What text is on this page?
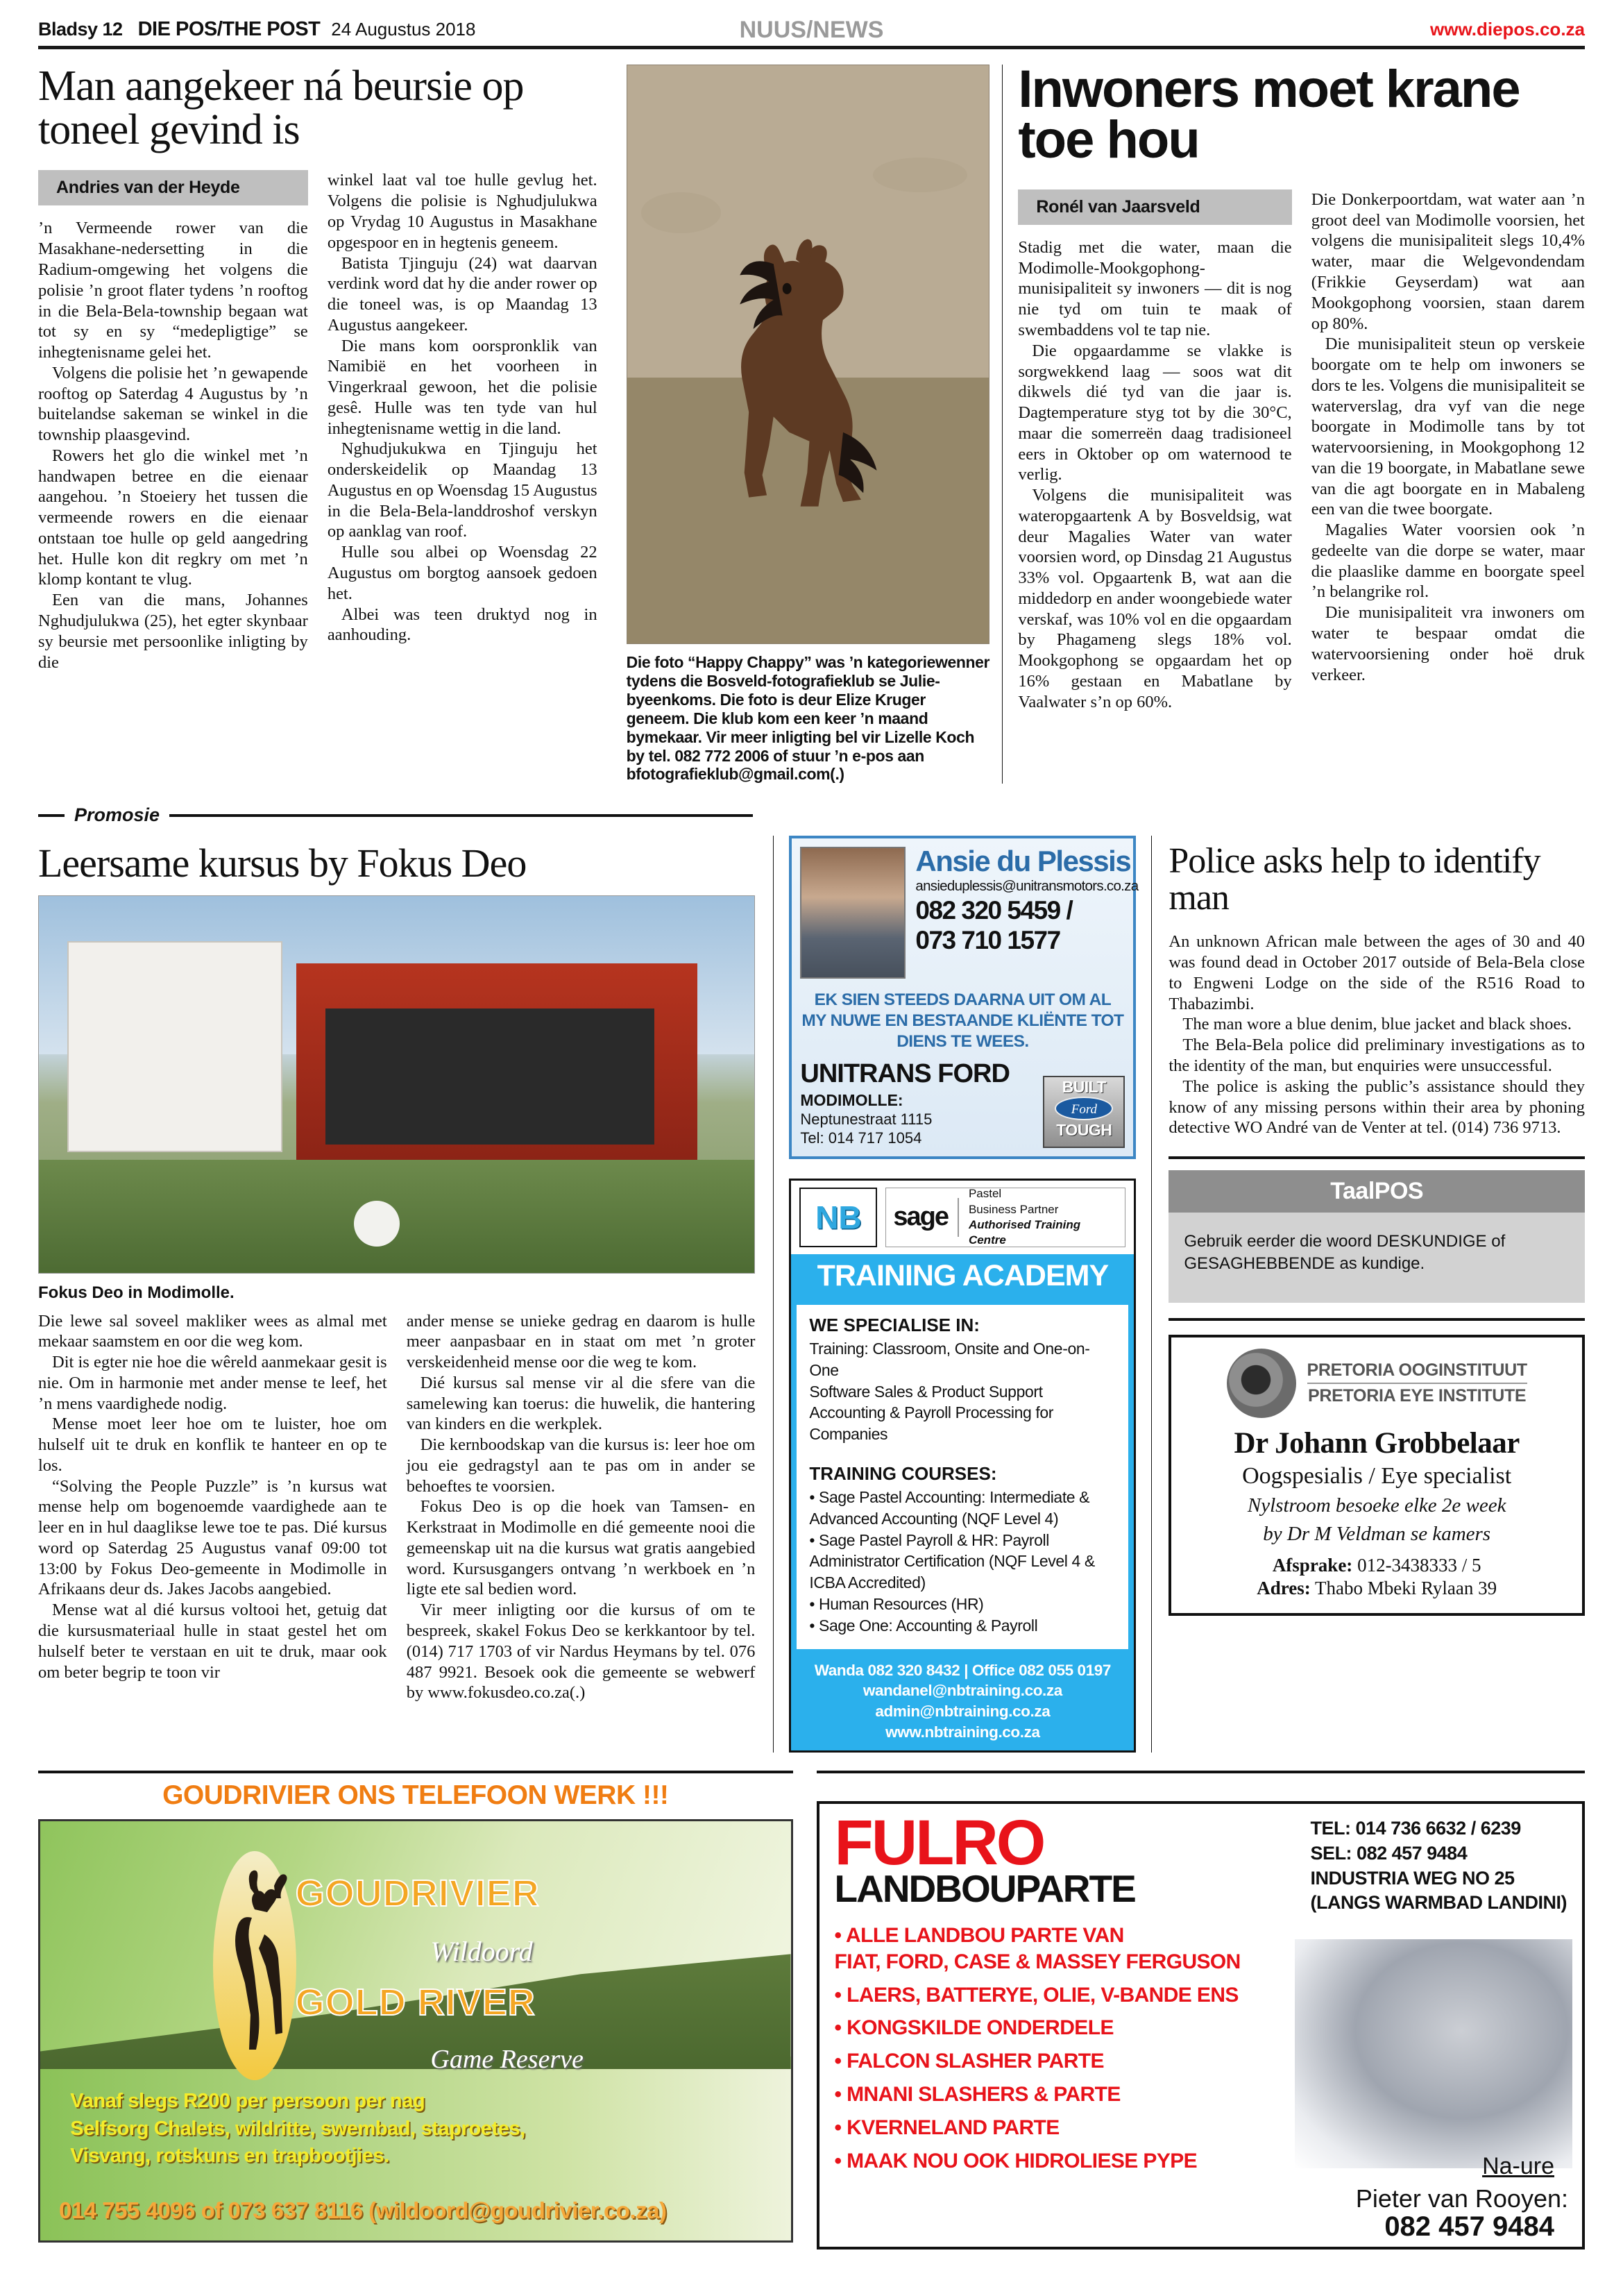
Bladsy 12 DIE POS/THE POST 24 Augustus 2018	NUUS/NEWS	www.diepos.co.za
Man aangekeer ná beursie op toneel gevind is
Andries van der Heyde

’n Vermeende rower van die Masakhane-nedersetting in die Radium-omgewing het volgens die polisie ’n groot flater tydens ’n rooftog in die Bela-Bela-township begaan wat tot sy en sy “medepligtige” se inhegtenisname gelei het.

Volgens die polisie het ’n gewapende rooftog op Saterdag 4 Augustus by ’n buitelandse sakeman se winkel in die township plaasgevind.

Rowers het glo die winkel met ’n handwapen betree en die eienaar aangehou. ’n Stoeiery het tussen die vermeende rowers en die eienaar ontstaan toe hulle op geld aangedring het. Hulle kon dit regkry om met ’n klomp kontant te vlug.

Een van die mans, Johannes Nghudjulukwa (25), het egter skynbaar sy beursie met persoonlike inligting by die

winkel laat val toe hulle gevlug het. Volgens die polisie is Nghudjulukwa op Vrydag 10 Augustus in Masakhane opgespoor en in hegtenis geneem.

Batista Tjinguju (24) wat daarvan verdink word dat hy die ander rower op die toneel was, is op Maandag 13 Augustus aangekeer.

Die mans kom oorspronklik van Namibië en het voorheen in Vingerkraal gewoon, het die polisie gesê. Hulle was ten tyde van hul inhegtenisname wettig in die land.

Nghudjukukwa en Tjinguju het onderskeidelik op Maandag 13 Augustus en op Woensdag 15 Augustus in die Bela-Bela-landdroshof verskyn op aanklag van roof.

Hulle sou albei op Woensdag 22 Augustus om borgtog aansoek gedoen het.

Albei was teen druktyd nog in aanhouding.

Die foto “Happy Chappy” was ’n kategoriewenner tydens die Bosveld-fotografieklub se Julie-byeenkoms. Die foto is deur Elize Kruger geneem. Die klub kom een keer ’n maand bymekaar. Vir meer inligting bel vir Lizelle Koch by tel. 082 772 2006 of stuur ’n e-pos aan bfotografieklub@gmail.com(.)
Inwoners moet krane toe hou
Ronél van Jaarsveld

Stadig met die water, maan die Modimolle-Mookgophong-munisipaliteit sy inwoners — dit is nog nie tyd om tuin te maak of swembaddens vol te tap nie.

Die opgaardamme se vlakke is sorgwekkend laag — soos wat dit dikwels dié tyd van die jaar is. Dagtemperature styg tot by die 30°C, maar die somerreën daag tradisioneel eers in Oktober op om waternood te verlig.

Volgens die munisipaliteit was wateropgaartenk A by Bosveldsig, wat deur Magalies Water van water voorsien word, op Dinsdag 21 Augustus 33% vol. Opgaartenk B, wat aan die middedorp en ander woongebiede water verskaf, was 10% vol en die opgaardam by Phagameng slegs 18% vol. Mookgophong se opgaardam het op 16% gestaan en Mabatlane by Vaalwater s’n op 60%.

Die Donkerpoortdam, wat water aan ’n groot deel van Modimolle voorsien, het volgens die munisipaliteit slegs 10,4% water, maar die Welgevondendam (Frikkie Geyserdam) wat aan Mookgophong voorsien, staan darem op 80%.

Die munisipaliteit steun op verskeie boorgate om te help om inwoners se dors te les. Volgens die munisipaliteit se waterverslag, dra vyf van die nege boorgate in Modimolle tans by tot watervoorsiening, in Mookgophong 12 van die 19 boorgate, in Mabatlane sewe van die agt boorgate en in Mabaleng een van die twee boorgate.

Magalies Water voorsien ook ’n gedeelte van die dorpe se water, maar die plaaslike damme en boorgate speel ’n belangrike rol.

Die munisipaliteit vra inwoners om water te bespaar omdat die watervoorsiening onder hoë druk verkeer.

Promosie
Leersame kursus by Fokus Deo
Fokus Deo in Modimolle.

Die lewe sal soveel makliker wees as almal met mekaar saamstem en oor die weg kom.

Dit is egter nie hoe die wêreld aanmekaar gesit is nie. Om in harmonie met ander mense te leef, het ’n mens vaardighede nodig.

Mense moet leer hoe om te luister, hoe om hulself uit te druk en konflik te hanteer en op te los.

“Solving the People Puzzle” is ’n kursus wat mense help om bogenoemde vaardighede aan te leer en in hul daaglikse lewe toe te pas. Dié kursus word op Saterdag 25 Augustus vanaf 09:00 tot 13:00 by Fokus Deo-gemeente in Modimolle in Afrikaans deur ds. Jakes Jacobs aangebied.

Mense wat al dié kursus voltooi het, getuig dat die kursusmateriaal hulle in staat gestel het om hulself beter te verstaan en uit te druk, maar ook om beter begrip te toon vir

ander mense se unieke gedrag en daarom is hulle meer aanpasbaar en in staat om met ’n groter verskeidenheid mense oor die weg te kom.

Dié kursus sal mense vir al die sfere van die samelewing kan toerus: die huwelik, die hantering van kinders en die werkplek.

Die kernboodskap van die kursus is: leer hoe om jou eie gedragstyl aan te pas om in ander se behoeftes te voorsien.

Fokus Deo is op die hoek van Tamsen- en Kerkstraat in Modimolle en dié gemeente nooi die gemeenskap uit na die kursus wat gratis aangebied word. Kursusgangers ontvang ’n werkboek en ’n ligte ete sal bedien word.

Vir meer inligting oor die kursus of om te bespreek, skakel Fokus Deo se kerkkantoor by tel. (014) 717 1703 of vir Nardus Heymans by tel. 076 487 9921. Besoek ook die gemeente se webwerf by www.fokusdeo.co.za(.)

Ansie du Plessis
ansieduplessis@unitransmotors.co.za
082 320 5459 /
073 710 1577
EK SIEN STEEDS DAARNA UIT OM AL MY NUWE EN BESTAANDE KLIËNTE TOT DIENS TE WEES.
UNITRANS FORD
MODIMOLLE:
Neptunestraat 1115
Tel: 014 717 1054
BUILT
Ford
TOUGH
NB	sage
Pastel
Business Partner
Authorised Training Centre
TRAINING ACADEMY
WE SPECIALISE IN:
Training: Classroom, Onsite and One-on-One
Software Sales & Product Support
Accounting & Payroll Processing for Companies
TRAINING COURSES:
• Sage Pastel Accounting: Intermediate & Advanced Accounting (NQF Level 4)
• Sage Pastel Payroll & HR: Payroll Administrator Certification (NQF Level 4 & ICBA Accredited)
• Human Resources (HR)
• Sage One: Accounting & Payroll
Wanda 082 320 8432 | Office 082 055 0197
wandanel@nbtraining.co.za
admin@nbtraining.co.za
www.nbtraining.co.za
Police asks help to identify man

An unknown African male between the ages of 30 and 40 was found dead in October 2017 outside of Bela-Bela close to Engweni Lodge on the side of the R516 Road to Thabazimbi.

The man wore a blue denim, blue jacket and black shoes.

The Bela-Bela police did preliminary investigations as to the identity of the man, but enquiries were unsuccessful.

The police is asking the public’s assistance should they know of any missing persons within their area by phoning detective WO André van de Venter at tel. (014) 736 9713.

TaalPOS
Gebruik eerder die woord DESKUNDIGE of GESAGHEBBENDE as kundige.
PRETORIA OOGINSTITUUT
PRETORIA EYE INSTITUTE
Dr Johann Grobbelaar
Oogspesialis / Eye specialist
Nylstroom besoeke elke 2e week
by Dr M Veldman se kamers
Afsprake: 012-3438333 / 5
Adres: Thabo Mbeki Rylaan 39
GOUDRIVIER ONS TELEFOON WERK !!!
GOUDRIVIER
Wildoord
GOLD RIVER
Game Reserve
Vanaf slegs R200 per persoon per nag
Selfsorg Chalets, wildritte, swembad, staproetes,
Visvang, rotskuns en trapbootjies.
014 755 4096 of 073 637 8116 (wildoord@goudrivier.co.za)
FULRO
LANDBOUPARTE
TEL: 014 736 6632 / 6239
SEL: 082 457 9484
INDUSTRIA WEG NO 25
(LANGS WARMBAD LANDINI)
• ALLE LANDBOU PARTE VAN
FIAT, FORD, CASE & MASSEY FERGUSON
• LAERS, BATTERYE, OLIE, V-BANDE ENS
• KONGSKILDE ONDERDELE
• FALCON SLASHER PARTE
• MNANI SLASHERS & PARTE
• KVERNELAND PARTE
• MAAK NOU OOK HIDROLIESE PYPE	Na-ure
Pieter van Rooyen:
082 457 9484
